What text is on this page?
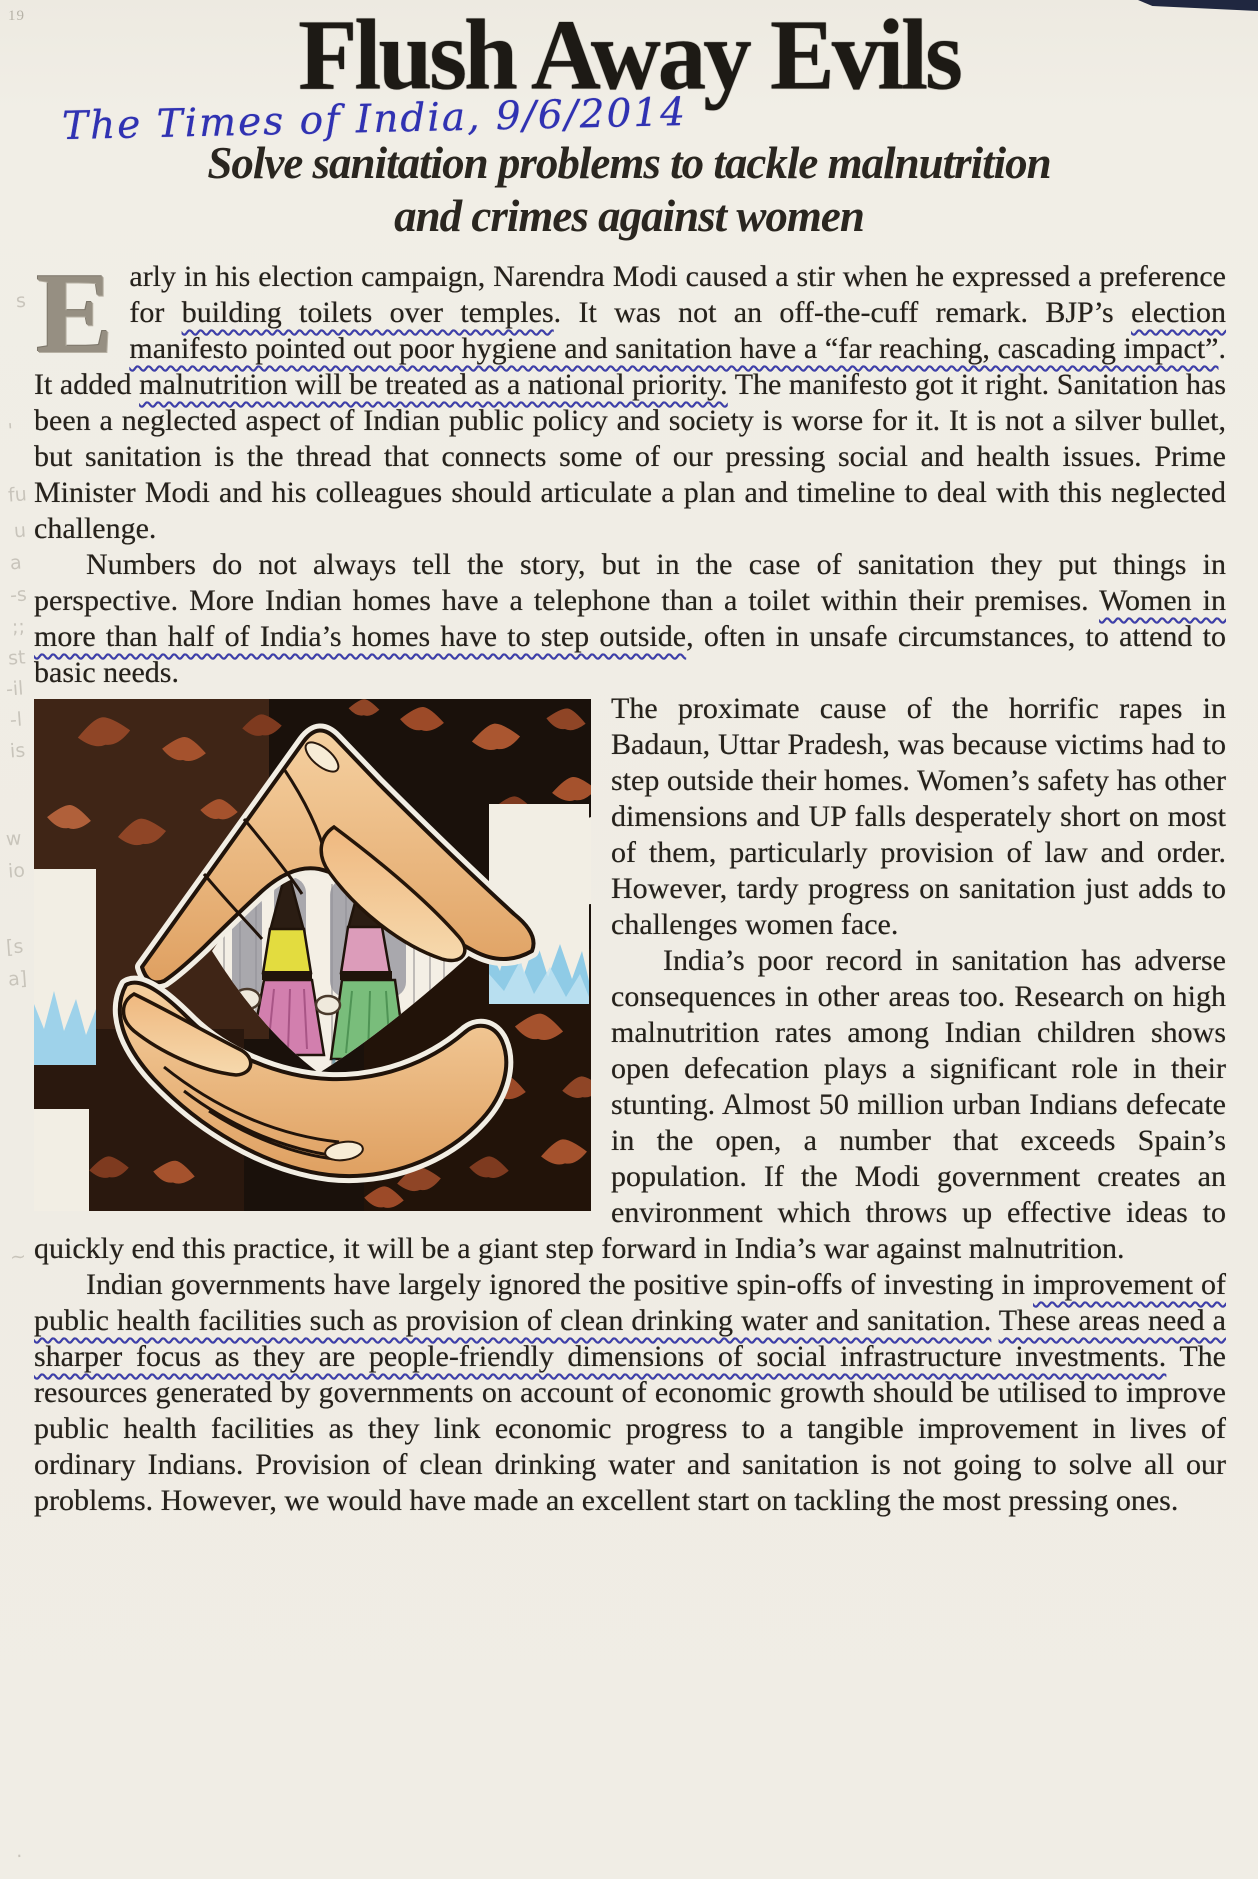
19	Flush Away Evils
The Times of India, 9/6/2014
Solve sanitation problems to tackle malnutrition
and crimes against women

Early in his election campaign, Narendra Modi caused a stir when he expressed a preference for building toilets over temples. It was not an off-the-cuff remark. BJP’s election manifesto pointed out poor hygiene and sanitation have a “far reaching, cascading impact”. It added malnutrition will be treated as a national priority. The manifesto got it right. Sanitation has been a neglected aspect of Indian public policy and society is worse for it. It is not a silver bullet, but sanitation is the thread that connects some of our pressing social and health issues. Prime Minister Modi and his colleagues should articulate a plan and timeline to deal with this neglected challenge.

Numbers do not always tell the story, but in the case of sanitation they put things in perspective. More Indian homes have a telephone than a toilet within their premises. Women in more than half of India’s homes have to step outside, often in unsafe circumstances, to attend to basic needs.

The proximate cause of the horrific rapes in Badaun, Uttar Pradesh, was because victims had to step outside their homes. Women’s safety has other dimensions and UP falls desperately short on most of them, particularly provision of law and order. However, tardy progress on sanitation just adds to challenges women face.

India’s poor record in sanitation has adverse consequences in other areas too. Research on high malnutrition rates among Indian children shows open defecation plays a significant role in their stunting. Almost 50 million urban Indians defecate in the open, a number that exceeds Spain’s population. If the Modi government creates an environment which throws up effective ideas to quickly end this practice, it will be a giant step forward in India’s war against malnutrition.

Indian governments have largely ignored the positive spin-offs of investing in improvement of public health facilities such as provision of clean drinking water and sanitation. These areas need a sharper focus as they are people-friendly dimensions of social infrastructure investments. The resources generated by governments on account of economic growth should be utilised to improve public health facilities as they link economic progress to a tangible improvement in lives of ordinary Indians. Provision of clean drinking water and sanitation is not going to solve all our problems. However, we would have made an excellent start on tackling the most pressing ones.

s
'
fu
u
a
-s
;;
st
-il
-l
is
w
io
[s
a]
~
.
